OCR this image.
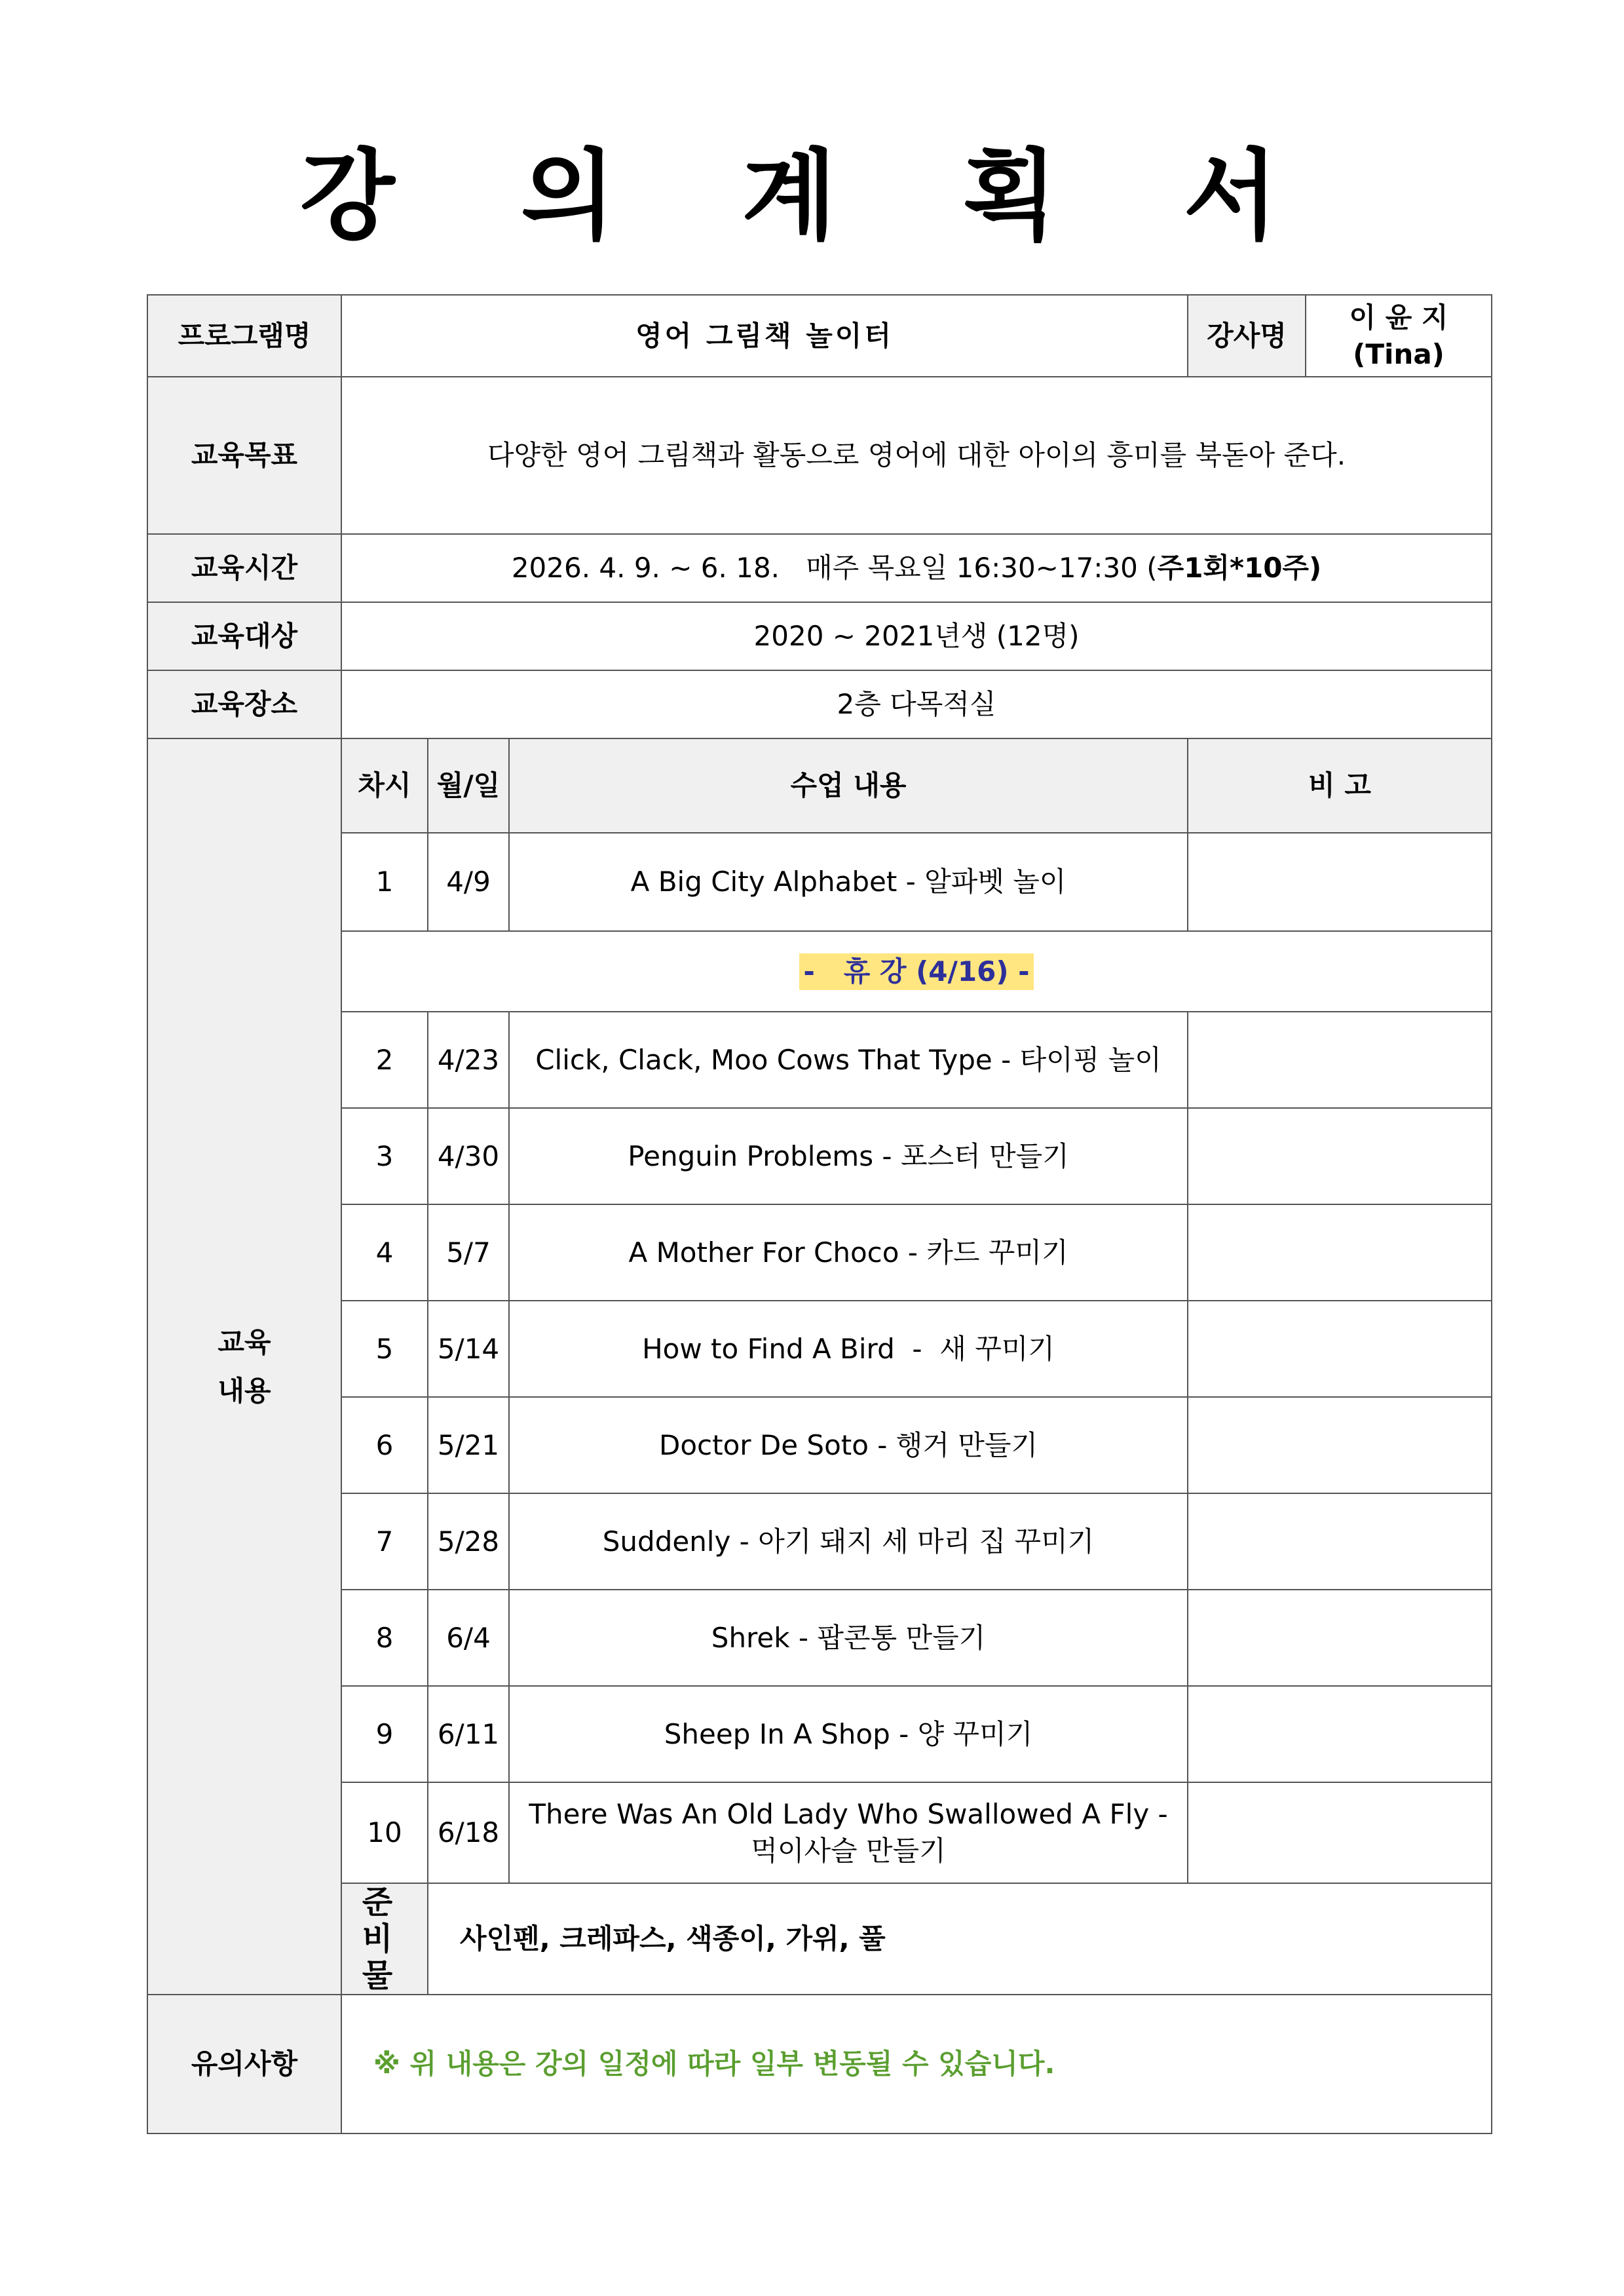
강 의 계 획 서
프로그램명	영어 그림책 놀이터			강사명	이 윤 지(Tina)
교육목표	다양한 영어 그림책과 활동으로 영어에 대한 아이의 흥미를 북돋아 준다.				
교육시간	2026. 4. 9. ~ 6. 18.   매주 목요일 16:30~17:30 (주1회*10주)				
교육대상	2020 ~ 2021년생 (12명)				
교육장소	2층 다목적실				

교육
내용	차시	월/일	수업 내용	비 고	
	1	4/9	A Big City Alphabet - 알파벳 놀이		
	-   휴 강 (4/16) -				
	2	4/23	Click, Clack, Moo Cows That Type - 타이핑 놀이		
	3	4/30	Penguin Problems - 포스터 만들기		
	4	5/7	A Mother For Choco - 카드 꾸미기		
	5	5/14	How to Find A Bird  -  새 꾸미기		
	6	5/21	Doctor De Soto - 행거 만들기		
	7	5/28	Suddenly - 아기 돼지 세 마리 집 꾸미기		
	8	6/4	Shrek - 팝콘통 만들기		
	9	6/11	Sheep In A Shop - 양 꾸미기		
	10	6/18	There Was An Old Lady Who Swallowed A Fly -
먹이사슬 만들기		

	준 비 물	사인펜, 크레파스, 색종이, 가위, 풀			
유의사항	※ 위 내용은 강의 일정에 따라 일부 변동될 수 있습니다.				
